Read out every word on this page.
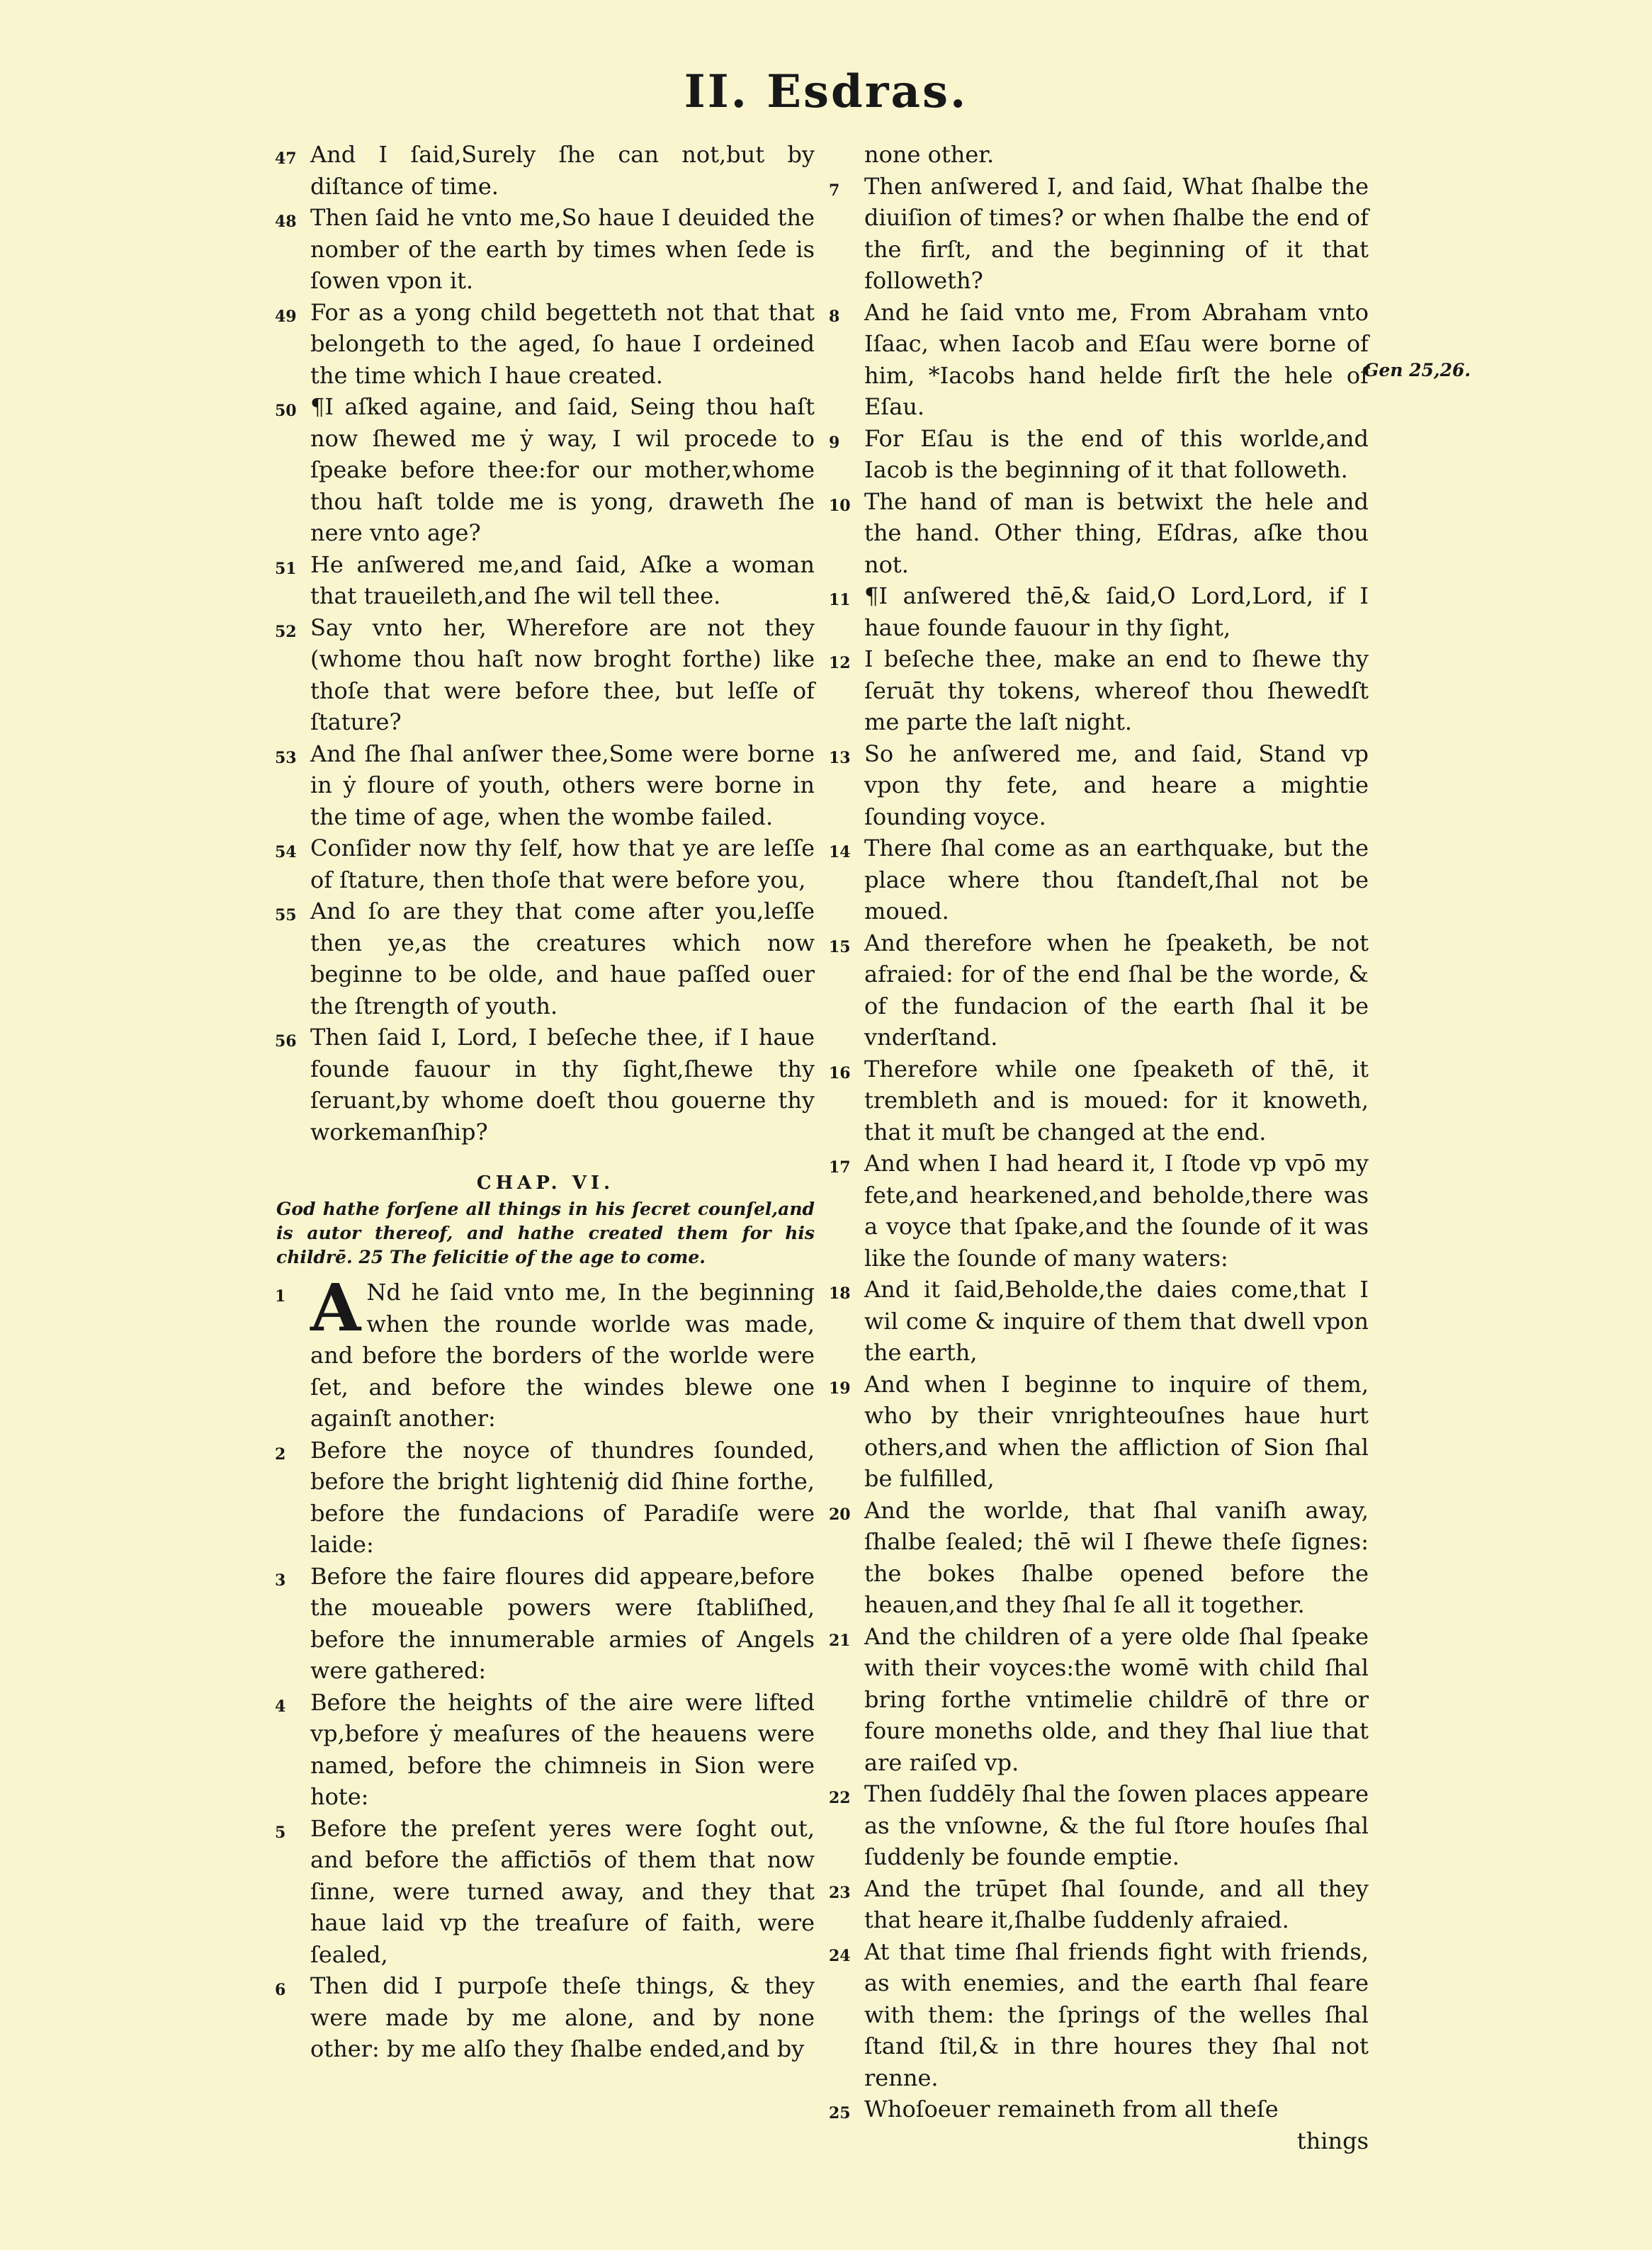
II. Esdras.
47 And I ſaid,Surely ſhe can not,but by diſtance of time.
48 Then ſaid he vnto me,So haue I deuided the nomber of the earth by times when ſede is ſowen vpon it.
49 For as a yong child begetteth not that that belongeth to the aged, ſo haue I ordeined the time which I haue created.
50 ¶I aſked againe, and ſaid, Seing thou haſt now ſhewed me ẏ way, I wil procede to ſpeake before thee:for our mother,whome thou haſt tolde me is yong, draweth ſhe nere vnto age?
51 He anſwered me,and ſaid, Aſke a woman that traueileth,and ſhe wil tell thee.
52 Say vnto her, Wherefore are not they (whome thou haſt now broght forthe) like thoſe that were before thee, but leſſe of ſtature?
53 And ſhe ſhal anſwer thee,Some were borne in ẏ floure of youth, others were borne in the time of age, when the wombe failed.
54 Conſider now thy ſelf, how that ye are leſſe of ſtature, then thoſe that were before you,
55 And ſo are they that come after you,leſſe then ye,as the creatures which now beginne to be olde, and haue paſſed ouer the ſtrength of youth.
56 Then ſaid I, Lord, I beſeche thee, if I haue founde fauour in thy ſight,ſhewe thy ſeruant,by whome doeſt thou gouerne thy workemanſhip?
CHAP. VI.
God hathe forſene all things in his ſecret counſel,and is autor thereof, and hathe created them for his childrē. 25 The felicitie of the age to come.
1 A Nd he ſaid vnto me, In the beginning when the rounde worlde was made, and before the borders of the worlde were ſet, and before the windes blewe one againſt another:
2 Before the noyce of thundres ſounded, before the bright lighteniġ did ſhine forthe, before the fundacions of Paradiſe were laide:
3 Before the faire floures did appeare,before the moueable powers were ſtabliſhed, before the innumerable armies of Angels were gathered:
4 Before the heights of the aire were lifted vp,before ẏ meaſures of the heauens were named, before the chimneis in Sion were hote:
5 Before the preſent yeres were ſoght out, and before the affictiōs of them that now ſinne, were turned away, and they that haue laid vp the treaſure of faith, were ſealed,
6 Then did I purpoſe theſe things, & they were made by me alone, and by none other: by me alſo they ſhalbe ended,and by
none other.
7 Then anſwered I, and ſaid, What ſhalbe the diuiſion of times? or when ſhalbe the end of the firſt, and the beginning of it that followeth?
8 And he ſaid vnto me, From Abraham vnto Iſaac, when Iacob and Eſau were borne of him, *Iacobs hand helde firſt the hele of Eſau.
9 For Eſau is the end of this worlde,and Iacob is the beginning of it that followeth.
10 The hand of man is betwixt the hele and the hand. Other thing, Eſdras, aſke thou not.
11 ¶I anſwered thē,& ſaid,O Lord,Lord, if I haue founde fauour in thy ſight,
12 I beſeche thee, make an end to ſhewe thy ſeruāt thy tokens, whereof thou ſhewedſt me parte the laſt night.
13 So he anſwered me, and ſaid, Stand vp vpon thy fete, and heare a mightie ſounding voyce.
14 There ſhal come as an earthquake, but the place where thou ſtandeſt,ſhal not be moued.
15 And therefore when he ſpeaketh, be not afraied: for of the end ſhal be the worde, & of the fundacion of the earth ſhal it be vnderſtand.
16 Therefore while one ſpeaketh of thē, it trembleth and is moued: for it knoweth, that it muſt be changed at the end.
17 And when I had heard it, I ſtode vp vpō my fete,and hearkened,and beholde,there was a voyce that ſpake,and the ſounde of it was like the ſounde of many waters:
18 And it ſaid,Beholde,the daies come,that I wil come & inquire of them that dwell vpon the earth,
19 And when I beginne to inquire of them, who by their vnrighteouſnes haue hurt others,and when the affliction of Sion ſhal be fulfilled,
20 And the worlde, that ſhal vaniſh away, ſhalbe ſealed; thē wil I ſhewe theſe ſignes: the bokes ſhalbe opened before the heauen,and they ſhal ſe all it together.
21 And the children of a yere olde ſhal ſpeake with their voyces:the womē with child ſhal bring forthe vntimelie childrē of thre or foure moneths olde, and they ſhal liue that are raiſed vp.
22 Then ſuddēly ſhal the ſowen places appeare as the vnſowne, & the ful ſtore houſes ſhal ſuddenly be founde emptie.
23 And the trūpet ſhal ſounde, and all they that heare it,ſhalbe ſuddenly afraied.
24 At that time ſhal friends fight with friends, as with enemies, and the earth ſhal feare with them: the ſprings of the welles ſhal ſtand ſtil,& in thre houres they ſhal not renne.
25 Whoſoeuer remaineth from all theſe
things
Gen 25,26.
